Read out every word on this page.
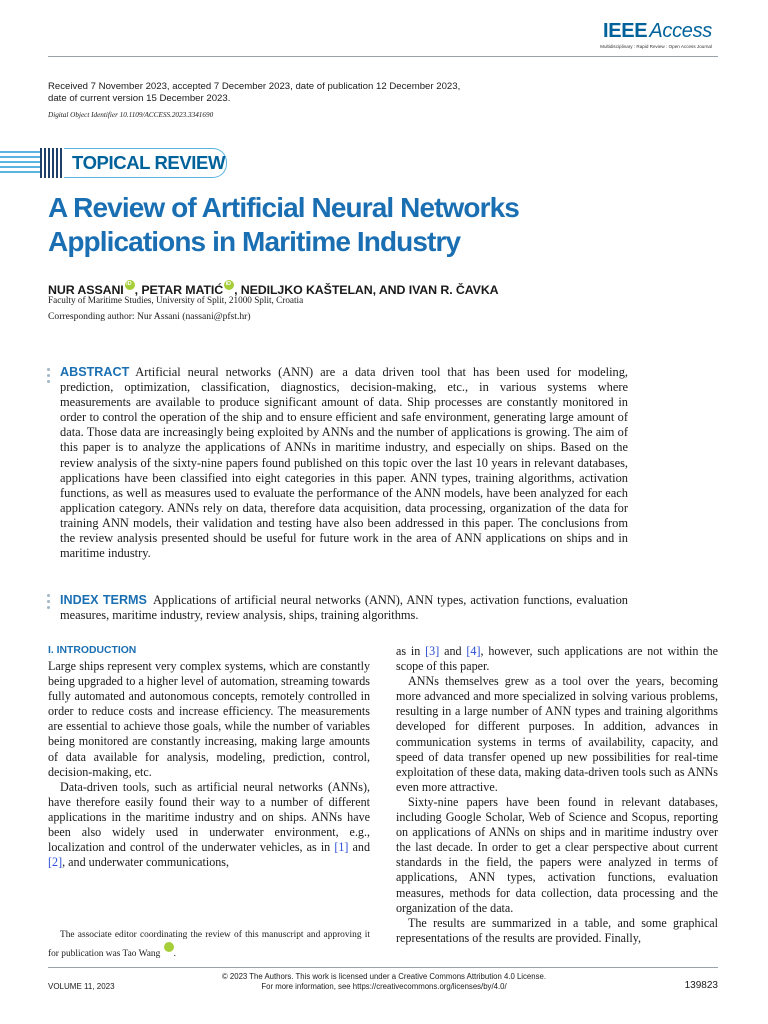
IEEE Access
Multidisciplinary : Rapid Review : Open Access Journal
Received 7 November 2023, accepted 7 December 2023, date of publication 12 December 2023,
date of current version 15 December 2023.
Digital Object Identifier 10.1109/ACCESS.2023.3341690
TOPICAL REVIEW
A Review of Artificial Neural Networks
Applications in Maritime Industry
NUR ASSANI iD , PETAR MATIĆ iD , NEDILJKO KAŠTELAN, AND IVAN R. ČAVKA
Faculty of Maritime Studies, University of Split, 21000 Split, Croatia
Corresponding author: Nur Assani (nassani@pfst.hr)
ABSTRACT Artificial neural networks (ANN) are a data driven tool that has been used for modeling, prediction, optimization, classification, diagnostics, decision-making, etc., in various systems where measurements are available to produce significant amount of data. Ship processes are constantly monitored in order to control the operation of the ship and to ensure efficient and safe environment, generating large amount of data. Those data are increasingly being exploited by ANNs and the number of applications is growing. The aim of this paper is to analyze the applications of ANNs in maritime industry, and especially on ships. Based on the review analysis of the sixty-nine papers found published on this topic over the last 10 years in relevant databases, applications have been classified into eight categories in this paper. ANN types, training algorithms, activation functions, as well as measures used to evaluate the performance of the ANN models, have been analyzed for each application category. ANNs rely on data, therefore data acquisition, data processing, organization of the data for training ANN models, their validation and testing have also been addressed in this paper. The conclusions from the review analysis presented should be useful for future work in the area of ANN applications on ships and in maritime industry.
INDEX TERMS Applications of artificial neural networks (ANN), ANN types, activation functions, evaluation measures, maritime industry, review analysis, ships, training algorithms.
I. INTRODUCTION

Large ships represent very complex systems, which are constantly being upgraded to a higher level of automation, streaming towards fully automated and autonomous concepts, remotely controlled in order to reduce costs and increase efficiency. The measurements are essential to achieve those goals, while the number of variables being monitored are constantly increasing, making large amounts of data available for analysis, modeling, prediction, control, decision-making, etc.

Data-driven tools, such as artificial neural networks (ANNs), have therefore easily found their way to a number of different applications in the maritime industry and on ships. ANNs have been also widely used in underwater environment, e.g., localization and control of the underwater vehicles, as in [1] and [2], and underwater communications,

as in [3] and [4], however, such applications are not within the scope of this paper.

ANNs themselves grew as a tool over the years, becoming more advanced and more specialized in solving various problems, resulting in a large number of ANN types and training algorithms developed for different purposes. In addition, advances in communication systems in terms of availability, capacity, and speed of data transfer opened up new possibilities for real-time exploitation of these data, making data-driven tools such as ANNs even more attractive.

Sixty-nine papers have been found in relevant databases, including Google Scholar, Web of Science and Scopus, reporting on applications of ANNs on ships and in maritime industry over the last decade. In order to get a clear perspective about current standards in the field, the papers were analyzed in terms of applications, ANN types, activation functions, evaluation measures, methods for data collection, data processing and the organization of the data.

The results are summarized in a table, and some graphical representations of the results are provided. Finally,

The associate editor coordinating the review of this manuscript and approving it for publication was Tao Wang iD

© 2023 The Authors. This work is licensed under a Creative Commons Attribution 4.0 License.
For more information, see https://creativecommons.org/licenses/by/4.0/
VOLUME 11, 2023	139823
